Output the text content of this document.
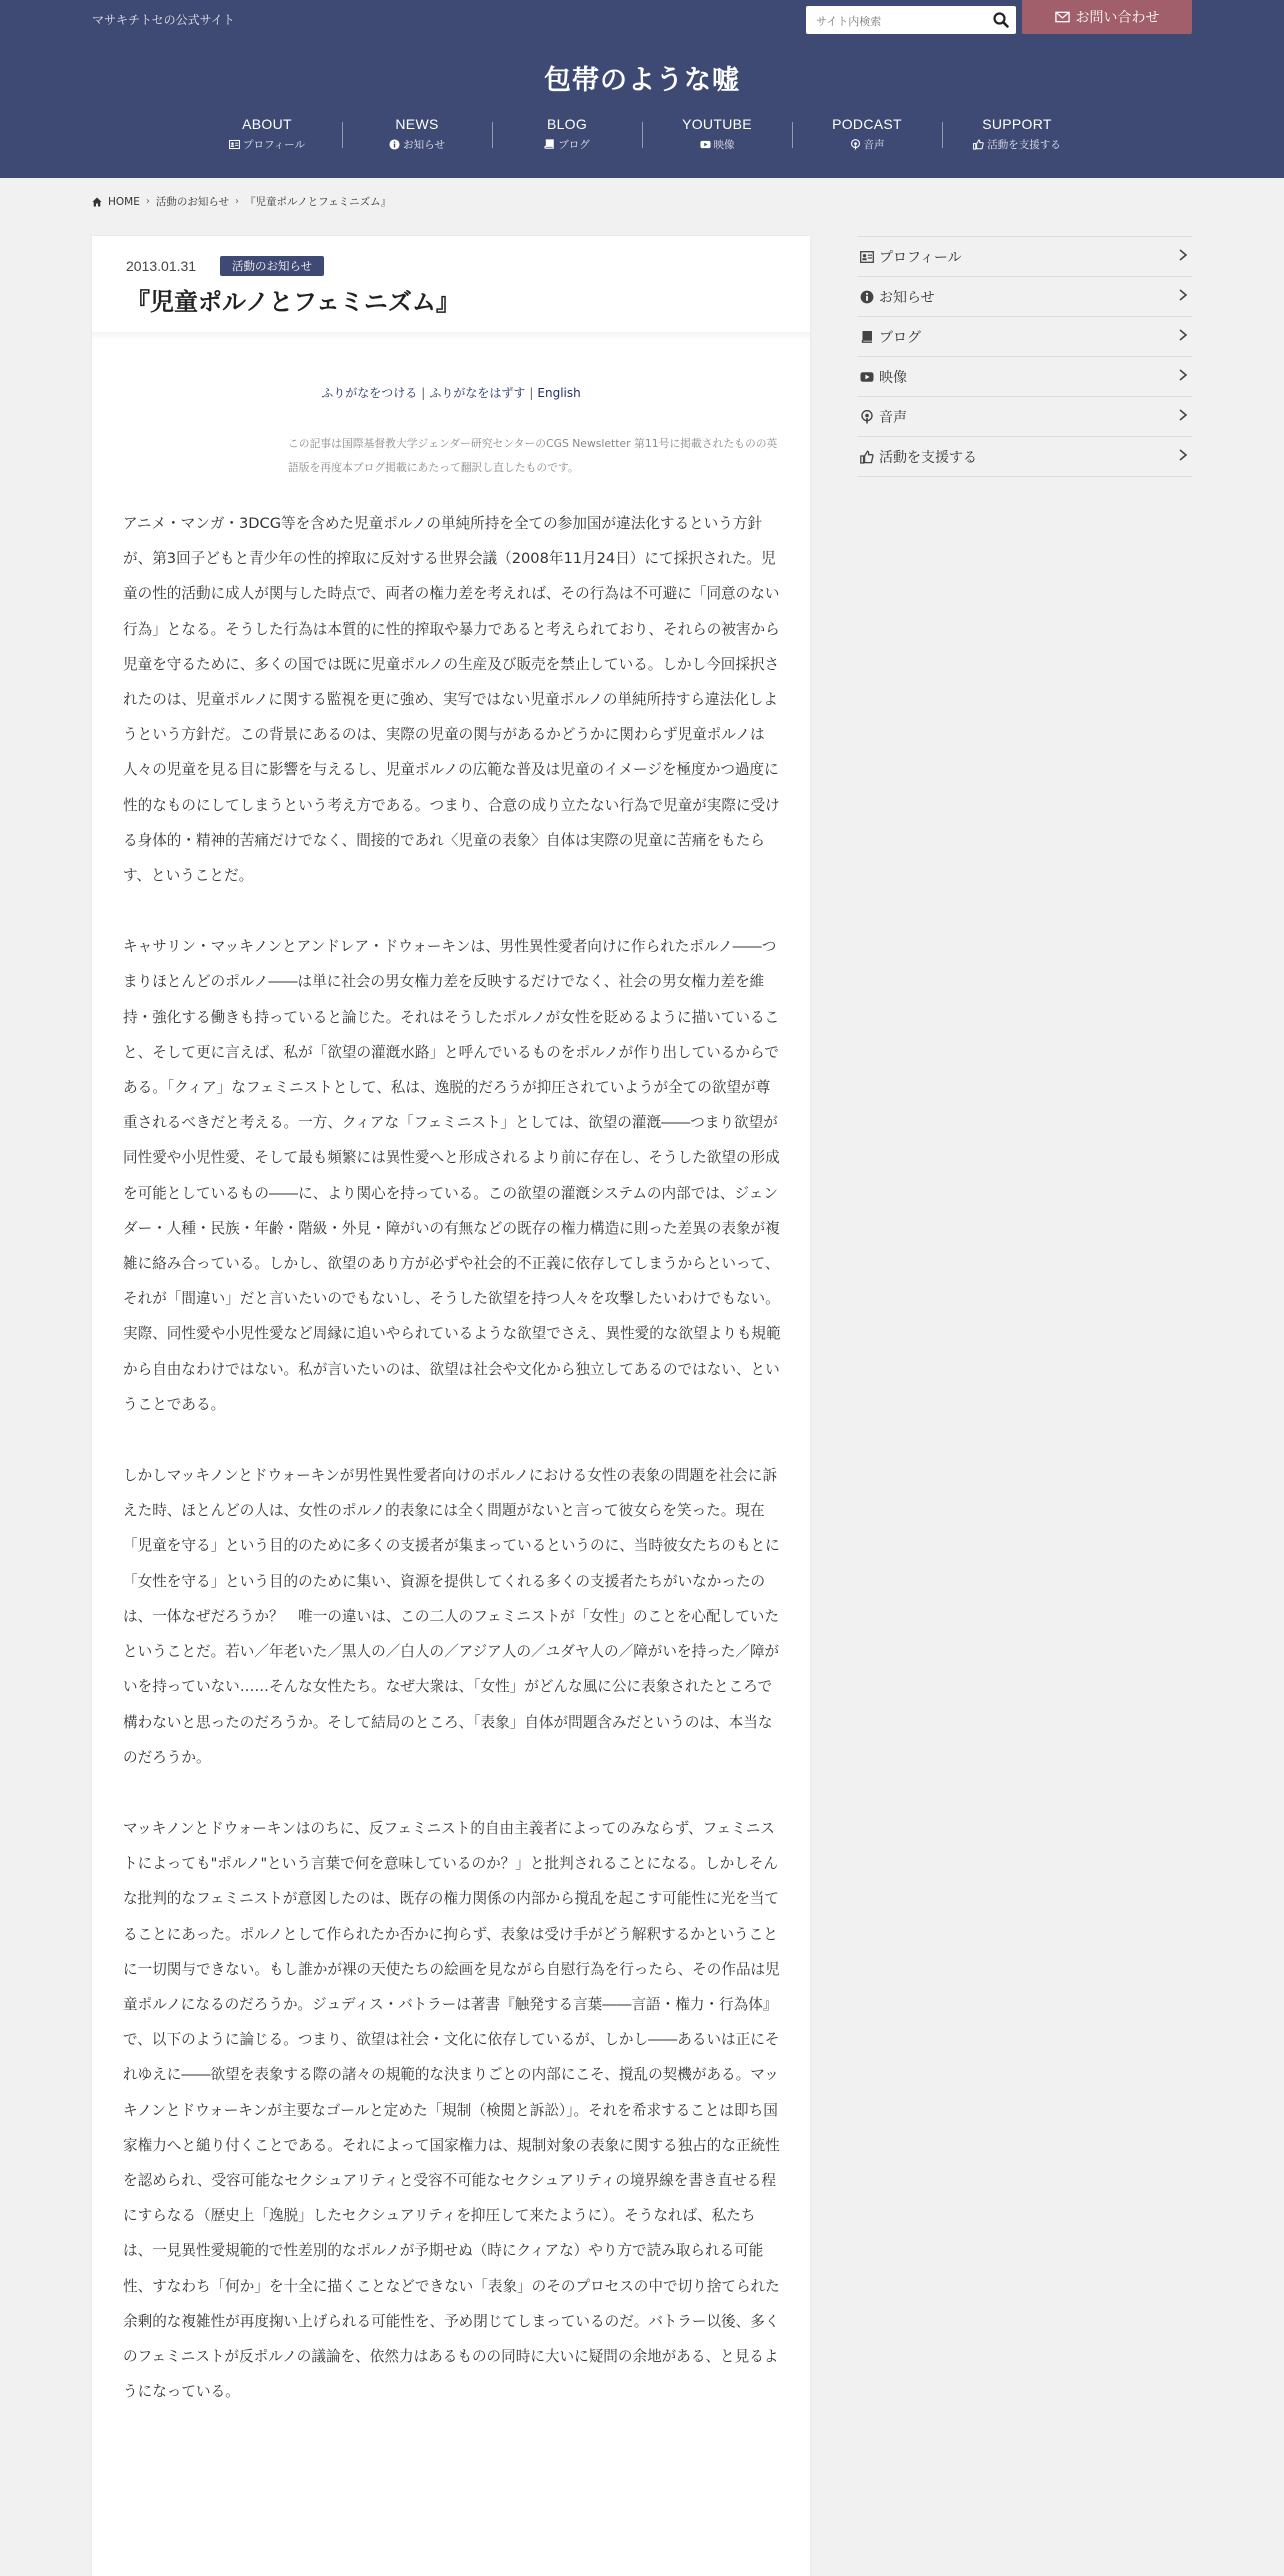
マサキチトセの公式サイト
サイト内検索	お問い合わせ
包帯のような嘘
ABOUT
プロフィール
NEWS
お知らせ
BLOG
ブログ
YOUTUBE
映像
PODCAST
音声
SUPPORT
活動を支援する
HOME › 活動のお知らせ › 『児童ポルノとフェミニズム』
2013.01.31	活動のお知らせ
『児童ポルノとフェミニズム』
ふりがなをつける | ふりがなをはずす | English
この記事は国際基督教大学ジェンダー研究センターのCGS Newsletter 第11号に掲載されたものの英語版を再度本ブログ掲載にあたって翻訳し直したものです。

アニメ・マンガ・3DCG等を含めた児童ポルノの単純所持を全ての参加国が違法化するという方針が、第3回子どもと青少年の性的搾取に反対する世界会議（2008年11月24日）にて採択された。児童の性的活動に成人が関与した時点で、両者の権力差を考えれば、その行為は不可避に「同意のない行為」となる。そうした行為は本質的に性的搾取や暴力であると考えられており、それらの被害から児童を守るために、多くの国では既に児童ポルノの生産及び販売を禁止している。しかし今回採択されたのは、児童ポルノに関する監視を更に強め、実写ではない児童ポルノの単純所持すら違法化しようという方針だ。この背景にあるのは、実際の児童の関与があるかどうかに関わらず児童ポルノは人々の児童を見る目に影響を与えるし、児童ポルノの広範な普及は児童のイメージを極度かつ過度に性的なものにしてしまうという考え方である。つまり、合意の成り立たない行為で児童が実際に受ける身体的・精神的苦痛だけでなく、間接的であれ〈児童の表象〉自体は実際の児童に苦痛をもたらす、ということだ。

キャサリン・マッキノンとアンドレア・ドウォーキンは、男性異性愛者向けに作られたポルノ――つまりほとんどのポルノ――は単に社会の男女権力差を反映するだけでなく、社会の男女権力差を維持・強化する働きも持っていると論じた。それはそうしたポルノが女性を貶めるように描いていること、そして更に言えば、私が「欲望の灌漑水路」と呼んでいるものをポルノが作り出しているからである。「クィア」なフェミニストとして、私は、逸脱的だろうが抑圧されていようが全ての欲望が尊重されるべきだと考える。一方、クィアな「フェミニスト」としては、欲望の灌漑――つまり欲望が同性愛や小児性愛、そして最も頻繁には異性愛へと形成されるより前に存在し、そうした欲望の形成を可能としているもの――に、より関心を持っている。この欲望の灌漑システムの内部では、ジェンダー・人種・民族・年齢・階級・外見・障がいの有無などの既存の権力構造に則った差異の表象が複雑に絡み合っている。しかし、欲望のあり方が必ずや社会的不正義に依存してしまうからといって、それが「間違い」だと言いたいのでもないし、そうした欲望を持つ人々を攻撃したいわけでもない。実際、同性愛や小児性愛など周縁に追いやられているような欲望でさえ、異性愛的な欲望よりも規範から自由なわけではない。私が言いたいのは、欲望は社会や文化から独立してあるのではない、ということである。

しかしマッキノンとドウォーキンが男性異性愛者向けのポルノにおける女性の表象の問題を社会に訴えた時、ほとんどの人は、女性のポルノ的表象には全く問題がないと言って彼女らを笑った。現在「児童を守る」という目的のために多くの支援者が集まっているというのに、当時彼女たちのもとに「女性を守る」という目的のために集い、資源を提供してくれる多くの支援者たちがいなかったのは、一体なぜだろうか？　唯一の違いは、この二人のフェミニストが「女性」のことを心配していたということだ。若い／年老いた／黒人の／白人の／アジア人の／ユダヤ人の／障がいを持った／障がいを持っていない……そんな女性たち。なぜ大衆は、「女性」がどんな風に公に表象されたところで構わないと思ったのだろうか。そして結局のところ、「表象」自体が問題含みだというのは、本当なのだろうか。

マッキノンとドウォーキンはのちに、反フェミニスト的自由主義者によってのみならず、フェミニストによっても"ポルノ"という言葉で何を意味しているのか？」と批判されることになる。しかしそんな批判的なフェミニストが意図したのは、既存の権力関係の内部から撹乱を起こす可能性に光を当てることにあった。ポルノとして作られたか否かに拘らず、表象は受け手がどう解釈するかということに一切関与できない。もし誰かが裸の天使たちの絵画を見ながら自慰行為を行ったら、その作品は児童ポルノになるのだろうか。ジュディス・バトラーは著書『触発する言葉――言語・権力・行為体』で、以下のように論じる。つまり、欲望は社会・文化に依存しているが、しかし――あるいは正にそれゆえに――欲望を表象する際の諸々の規範的な決まりごとの内部にこそ、撹乱の契機がある。マッキノンとドウォーキンが主要なゴールと定めた「規制（検閲と訴訟）」。それを希求することは即ち国家権力へと縋り付くことである。それによって国家権力は、規制対象の表象に関する独占的な正統性を認められ、受容可能なセクシュアリティと受容不可能なセクシュアリティの境界線を書き直せる程にすらなる（歴史上「逸脱」したセクシュアリティを抑圧して来たように）。そうなれば、私たちは、一見異性愛規範的で性差別的なポルノが予期せぬ（時にクィアな）やり方で読み取られる可能性、すなわち「何か」を十全に描くことなどできない「表象」のそのプロセスの中で切り捨てられた余剰的な複雑性が再度掬い上げられる可能性を、予め閉じてしまっているのだ。バトラー以後、多くのフェミニストが反ポルノの議論を、依然力はあるものの同時に大いに疑問の余地がある、と見るようになっている。

プロフィール
お知らせ
ブログ
映像
音声
活動を支援する
